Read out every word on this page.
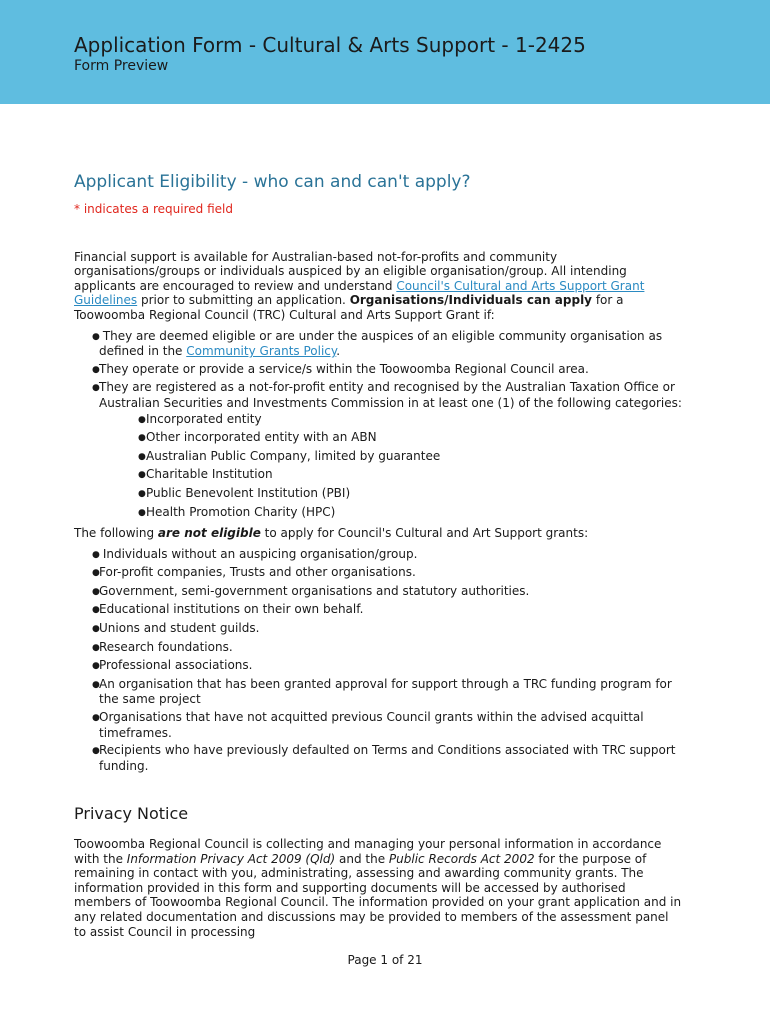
Application Form - Cultural & Arts Support - 1-2425
Form Preview
Applicant Eligibility - who can and can't apply?
* indicates a required field

Financial support is available for Australian-based not-for-profits and community organisations/groups or individuals auspiced by an eligible organisation/group. All intending applicants are encouraged to review and understand Council's Cultural and Arts Support Grant Guidelines prior to submitting an application. Organisations/Individuals can apply for a Toowoomba Regional Council (TRC) Cultural and Arts Support Grant if:

● They are deemed eligible or are under the auspices of an eligible community organisation as defined in the Community Grants Policy.
●They operate or provide a service/s within the Toowoomba Regional Council area.
●They are registered as a not-for-profit entity and recognised by the Australian Taxation Office or Australian Securities and Investments Commission in at least one (1) of the following categories:
●Incorporated entity
●Other incorporated entity with an ABN
●Australian Public Company, limited by guarantee
●Charitable Institution
●Public Benevolent Institution (PBI)
●Health Promotion Charity (HPC)

The following are not eligible to apply for Council's Cultural and Art Support grants:

● Individuals without an auspicing organisation/group.
●For-profit companies, Trusts and other organisations.
●Government, semi-government organisations and statutory authorities.
●Educational institutions on their own behalf.
●Unions and student guilds.
●Research foundations.
●Professional associations.
●An organisation that has been granted approval for support through a TRC funding program for the same project
●Organisations that have not acquitted previous Council grants within the advised acquittal timeframes.
●Recipients who have previously defaulted on Terms and Conditions associated with TRC support funding.
Privacy Notice

Toowoomba Regional Council is collecting and managing your personal information in accordance with the Information Privacy Act 2009 (Qld) and the Public Records Act 2002 for the purpose of remaining in contact with you, administrating, assessing and awarding community grants. The information provided in this form and supporting documents will be accessed by authorised members of Toowoomba Regional Council. The information provided on your grant application and in any related documentation and discussions may be provided to members of the assessment panel to assist Council in processing

Page 1 of 21
